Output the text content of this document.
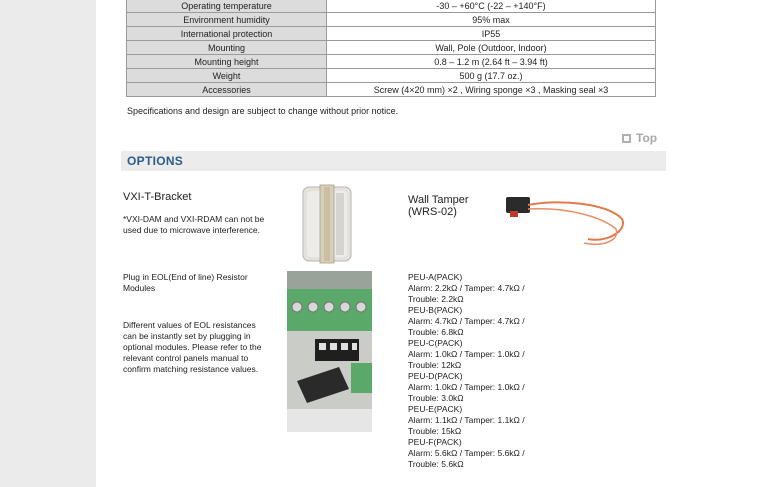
Operating temperature	-30 – +60°C (-22 – +140°F)
Environment humidity	95% max
International protection	IP55
Mounting	Wall, Pole (Outdoor, Indoor)
Mounting height	0.8 – 1.2 m (2.64 ft – 3.94 ft)
Weight	500 g (17.7 oz.)
Accessories	Screw (4×20 mm) ×2 , Wiring sponge ×3 , Masking seal ×3
Specifications and design are subject to change without prior notice.
Top
OPTIONS
VXI-T-Bracket
*VXI-DAM and VXI-RDAM can not be
used due to microwave interference.
Wall Tamper
(WRS-02)
Plug in EOL(End of line) Resistor
Modules
Different values of EOL resistances
can be instantly set by plugging in
optional modules. Please refer to the
relevant control panels manual to
confirm matching resistance values.
PEU-A(PACK)
Alarm: 2.2kΩ / Tamper: 4.7kΩ /
Trouble: 2.2kΩ
PEU-B(PACK)
Alarm: 4.7kΩ / Tamper: 4.7kΩ /
Trouble: 6.8kΩ
PEU-C(PACK)
Alarm: 1.0kΩ / Tamper: 1.0kΩ /
Trouble: 12kΩ
PEU-D(PACK)
Alarm: 1.0kΩ / Tamper: 1.0kΩ /
Trouble: 3.0kΩ
PEU-E(PACK)
Alarm: 1.1kΩ / Tamper: 1.1kΩ /
Trouble: 15kΩ
PEU-F(PACK)
Alarm: 5.6kΩ / Tamper: 5.6kΩ /
Trouble: 5.6kΩ
